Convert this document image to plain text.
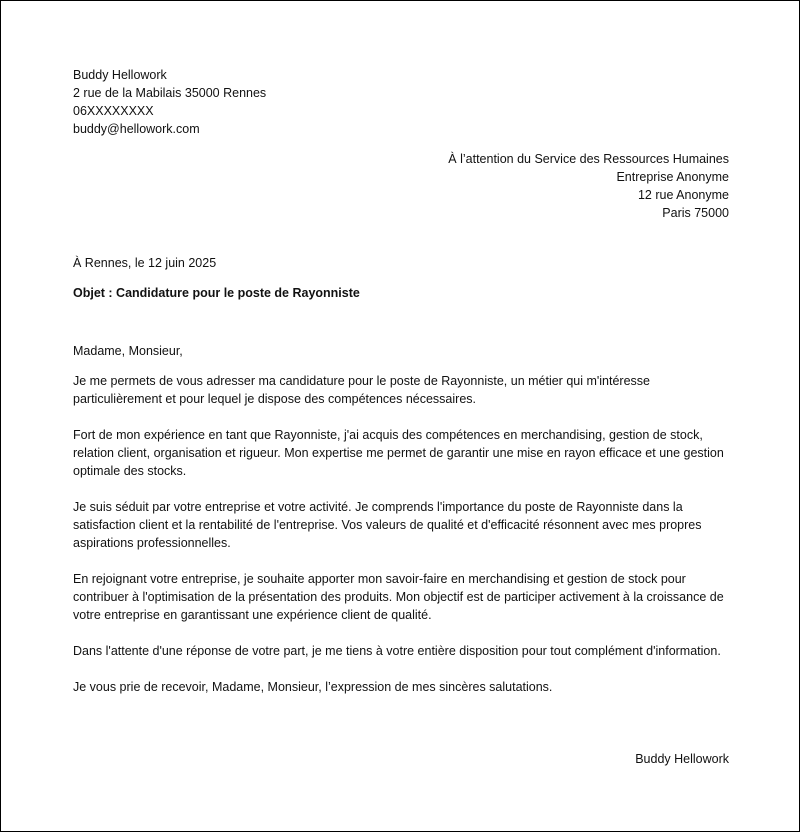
Buddy Hellowork
2 rue de la Mabilais 35000 Rennes
06XXXXXXXX
buddy@hellowork.com
À l’attention du Service des Ressources Humaines
Entreprise Anonyme
12 rue Anonyme
Paris 75000
À Rennes, le 12 juin 2025
Objet : Candidature pour le poste de Rayonniste
Madame, Monsieur,

Je me permets de vous adresser ma candidature pour le poste de Rayonniste, un métier qui m'intéresse particulièrement et pour lequel je dispose des compétences nécessaires.

Fort de mon expérience en tant que Rayonniste, j'ai acquis des compétences en merchandising, gestion de stock, relation client, organisation et rigueur. Mon expertise me permet de garantir une mise en rayon efficace et une gestion optimale des stocks.

Je suis séduit par votre entreprise et votre activité. Je comprends l'importance du poste de Rayonniste dans la satisfaction client et la rentabilité de l'entreprise. Vos valeurs de qualité et d'efficacité résonnent avec mes propres aspirations professionnelles.

En rejoignant votre entreprise, je souhaite apporter mon savoir-faire en merchandising et gestion de stock pour contribuer à l'optimisation de la présentation des produits. Mon objectif est de participer activement à la croissance de votre entreprise en garantissant une expérience client de qualité.

Dans l'attente d'une réponse de votre part, je me tiens à votre entière disposition pour tout complément d'information.

Je vous prie de recevoir, Madame, Monsieur, l’expression de mes sincères salutations.

Buddy Hellowork
